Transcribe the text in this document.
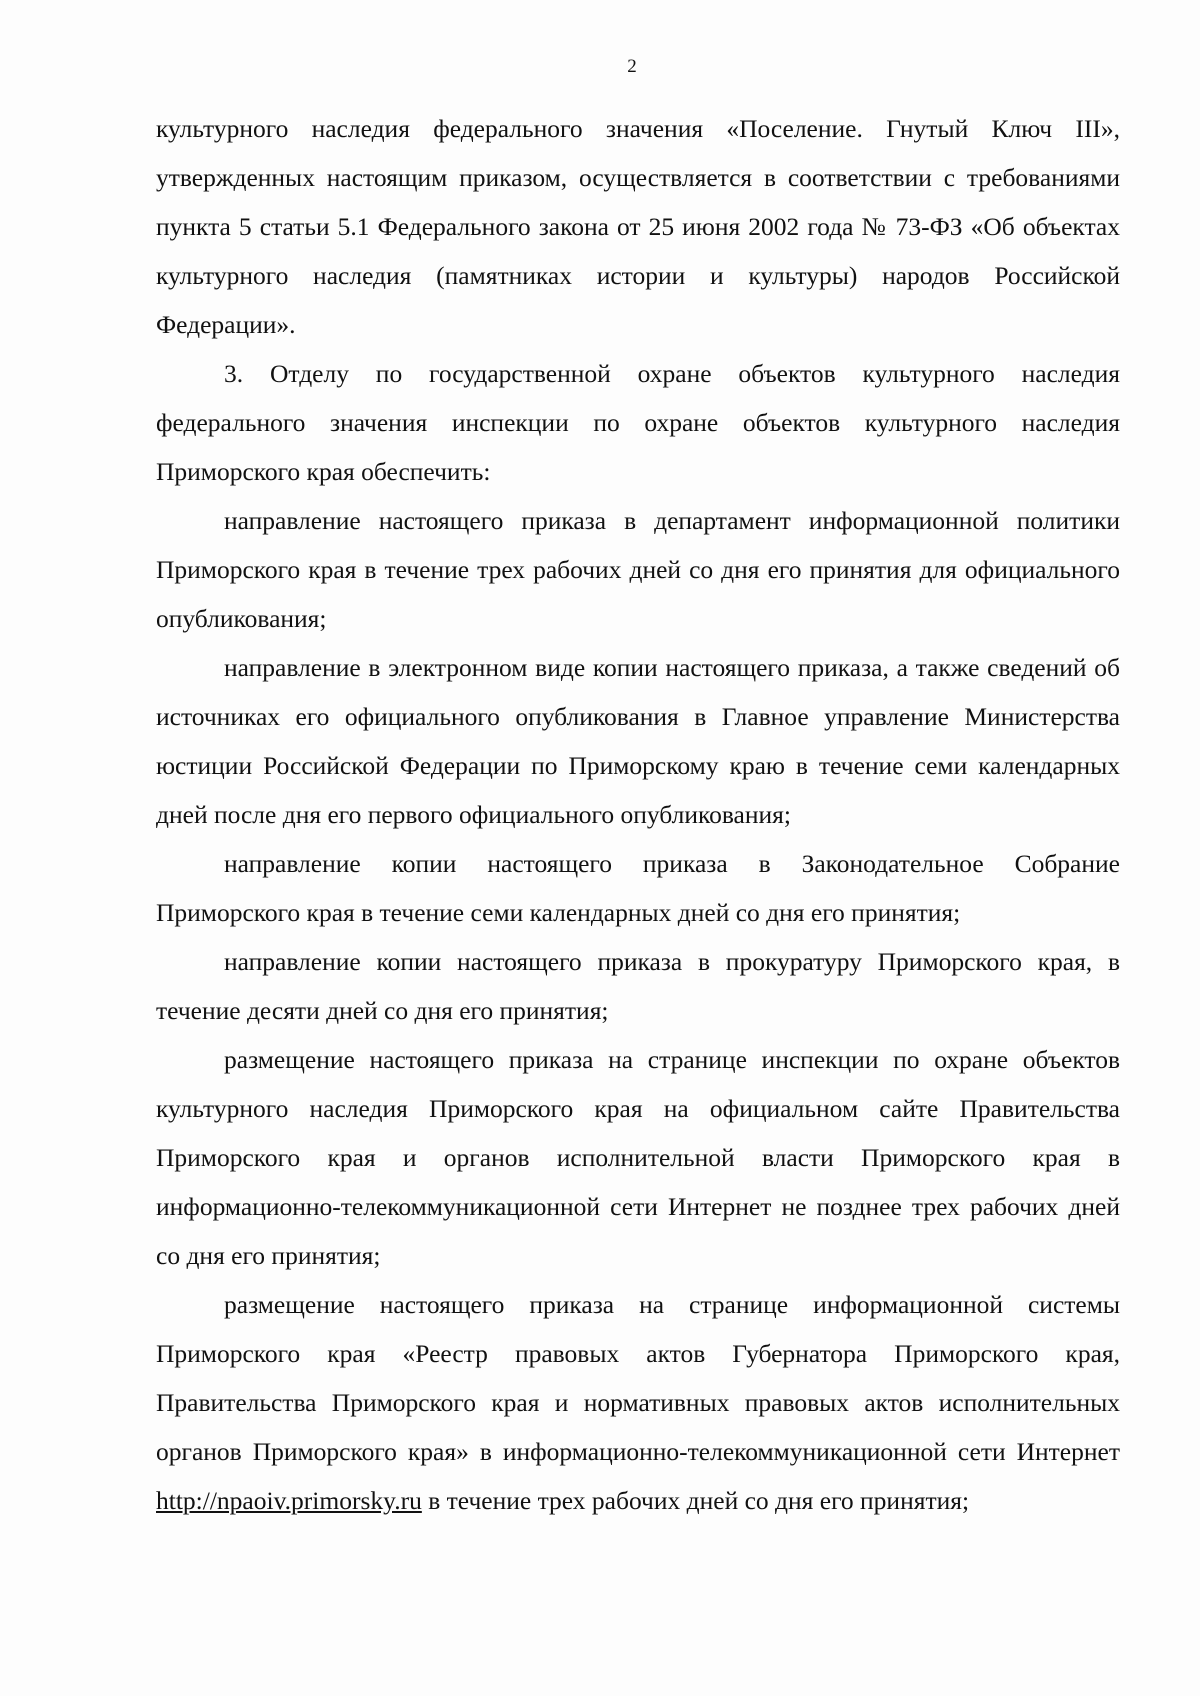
2

культурного наследия федерального значения «Поселение. Гнутый Ключ III», утвержденных настоящим приказом, осуществляется в соответствии с требованиями пункта 5 статьи 5.1 Федерального закона от 25 июня 2002 года № 73-ФЗ «Об объектах культурного наследия (памятниках истории и культуры) народов Российской Федерации».

3. Отделу по государственной охране объектов культурного наследия федерального значения инспекции по охране объектов культурного наследия Приморского края обеспечить:

направление настоящего приказа в департамент информационной политики Приморского края в течение трех рабочих дней со дня его принятия для официального опубликования;

направление в электронном виде копии настоящего приказа, а также сведений об источниках его официального опубликования в Главное управление Министерства юстиции Российской Федерации по Приморскому краю в течение семи календарных дней после дня его первого официального опубликования;

направление копии настоящего приказа в Законодательное Собрание Приморского края в течение семи календарных дней со дня его принятия;

направление копии настоящего приказа в прокуратуру Приморского края, в течение десяти дней со дня его принятия;

размещение настоящего приказа на странице инспекции по охране объектов культурного наследия Приморского края на официальном сайте Правительства Приморского края и органов исполнительной власти Приморского края в информационно-телекоммуникационной сети Интернет не позднее трех рабочих дней со дня его принятия;

размещение настоящего приказа на странице информационной системы Приморского края «Реестр правовых актов Губернатора Приморского края, Правительства Приморского края и нормативных правовых актов исполнительных органов Приморского края» в информационно-телекоммуникационной сети Интернет http://npaoiv.primorsky.ru в течение трех рабочих дней со дня его принятия;
